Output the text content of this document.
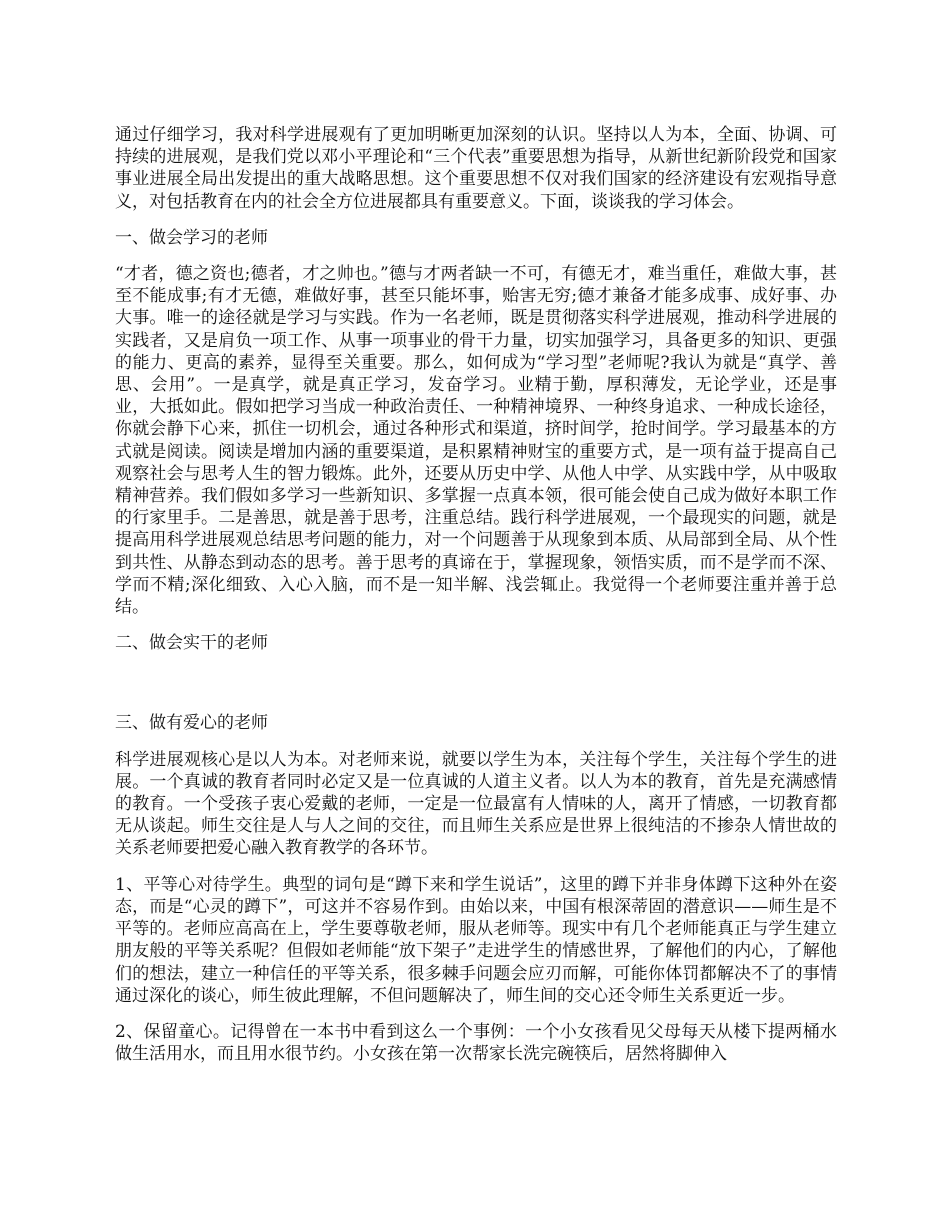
通过仔细学习，我对科学进展观有了更加明晰更加深刻的认识。坚持以人为本，全面、协调、可持续的进展观，是我们党以邓小平理论和“三个代表”重要思想为指导，从新世纪新阶段党和国家事业进展全局出发提出的重大战略思想。这个重要思想不仅对我们国家的经济建设有宏观指导意义，对包括教育在内的社会全方位进展都具有重要意义。下面，谈谈我的学习体会。

一、做会学习的老师

“才者，德之资也;德者，才之帅也。”德与才两者缺一不可，有德无才，难当重任，难做大事，甚至不能成事;有才无德，难做好事，甚至只能坏事，贻害无穷;德才兼备才能多成事、成好事、办大事。唯一的途径就是学习与实践。作为一名老师，既是贯彻落实科学进展观，推动科学进展的实践者，又是肩负一项工作、从事一项事业的骨干力量，切实加强学习，具备更多的知识、更强的能力、更高的素养，显得至关重要。那么，如何成为“学习型”老师呢?我认为就是“真学、善思、会用”。一是真学，就是真正学习，发奋学习。业精于勤，厚积薄发，无论学业，还是事业，大抵如此。假如把学习当成一种政治责任、一种精神境界、一种终身追求、一种成长途径，你就会静下心来，抓住一切机会，通过各种形式和渠道，挤时间学，抢时间学。学习最基本的方式就是阅读。阅读是增加内涵的重要渠道，是积累精神财宝的重要方式，是一项有益于提高自己观察社会与思考人生的智力锻炼。此外，还要从历史中学、从他人中学、从实践中学，从中吸取精神营养。我们假如多学习一些新知识、多掌握一点真本领，很可能会使自己成为做好本职工作的行家里手。二是善思，就是善于思考，注重总结。践行科学进展观，一个最现实的问题，就是提高用科学进展观总结思考问题的能力，对一个问题善于从现象到本质、从局部到全局、从个性到共性、从静态到动态的思考。善于思考的真谛在于，掌握现象，领悟实质，而不是学而不深、学而不精;深化细致、入心入脑，而不是一知半解、浅尝辄止。我觉得一个老师要注重并善于总结。

二、做会实干的老师

三、做有爱心的老师

科学进展观核心是以人为本。对老师来说，就要以学生为本，关注每个学生，关注每个学生的进展。一个真诚的教育者同时必定又是一位真诚的人道主义者。以人为本的教育，首先是充满感情的教育。一个受孩子衷心爱戴的老师，一定是一位最富有人情味的人，离开了情感，一切教育都无从谈起。师生交往是人与人之间的交往，而且师生关系应是世界上很纯洁的不掺杂人情世故的关系老师要把爱心融入教育教学的各环节。

1、平等心对待学生。典型的词句是“蹲下来和学生说话”，这里的蹲下并非身体蹲下这种外在姿态，而是“心灵的蹲下”，可这并不容易作到。由始以来，中国有根深蒂固的潜意识——师生是不平等的。老师应高高在上，学生要尊敬老师，服从老师等。现实中有几个老师能真正与学生建立朋友般的平等关系呢？但假如老师能“放下架子”走进学生的情感世界，了解他们的内心，了解他们的想法，建立一种信任的平等关系，很多棘手问题会应刃而解，可能你体罚都解决不了的事情通过深化的谈心，师生彼此理解，不但问题解决了，师生间的交心还令师生关系更近一步。

2、保留童心。记得曾在一本书中看到这么一个事例：一个小女孩看见父母每天从楼下提两桶水做生活用水，而且用水很节约。小女孩在第一次帮家长洗完碗筷后，居然将脚伸入
